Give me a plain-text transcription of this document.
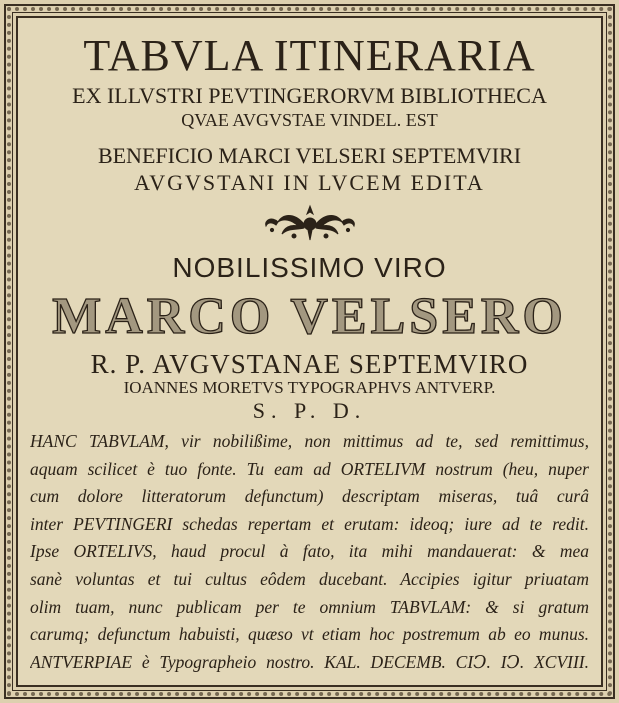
TABVLA ITINERARIA
EX ILLVSTRI PEVTINGERORVM BIBLIOTHECA
QVAE AVGVSTAE VINDEL. EST
BENEFICIO MARCI VELSERI SEPTEMVIRI
AVGVSTANI IN LVCEM EDITA
NOBILISSIMO VIRO
MARCO VELSERO
R. P. AVGVSTANAE SEPTEMVIRO
IOANNES MORETVS TYPOGRAPHVS ANTVERP.
S. P. D.
HANC TABVLAM, vir nobilißime, non mittimus ad te, sed remittimus,
aquam scilicet è tuo fonte. Tu eam ad ORTELIVM nostrum (heu, nuper
cum dolore litteratorum defunctum) descriptam miseras, tuâ curâ
inter PEVTINGERI schedas repertam et erutam: ideoq; iure ad te redit.
Ipse ORTELIVS, haud procul à fato, ita mihi mandauerat: & mea
sanè voluntas et tui cultus eôdem ducebant. Accipies igitur priuatam
olim tuam, nunc publicam per te omnium TABVLAM: & si gratum
carumq; defunctum habuisti, quæso vt etiam hoc postremum ab eo munus.
ANTVERPIAE è Typographeio nostro. KAL. DECEMB. CIↃ. IↃ. XCVIII.
